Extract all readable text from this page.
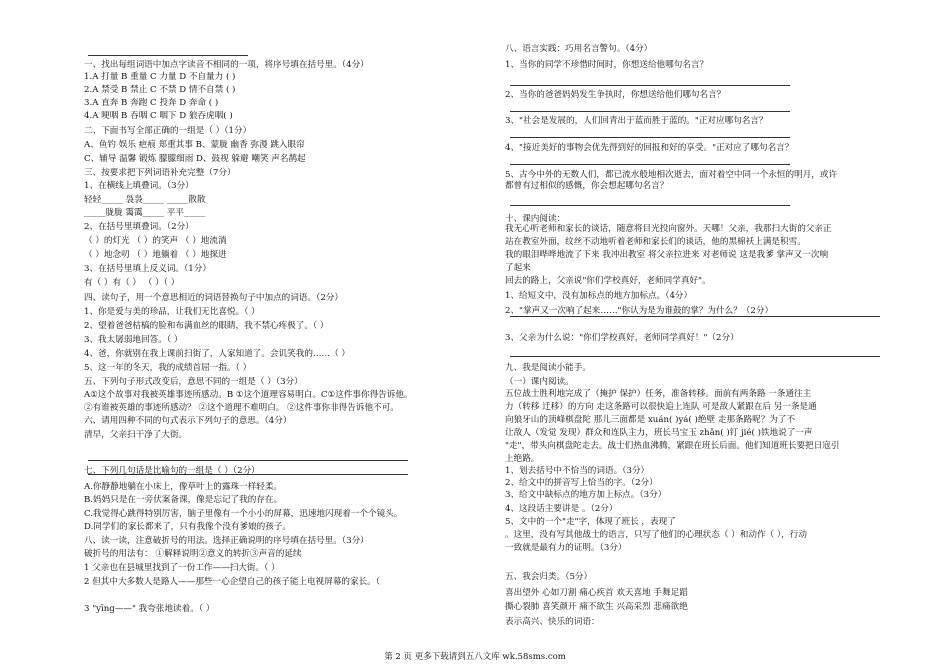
一、找出每组词语中加点字读音不相同的一项，将序号填在括号里。（4分）
1.A 打量 B 重量 C 力量 D 不自量力 ( )
2.A 禁受 B 禁止 C 不禁 D 情不自禁 ( )
3.A 直奔 B 奔跑 C 投奔 D 奔命 ( )
4.A 哽咽 B 吞咽 C 咽下 D 狼吞虎咽( )
二、下面书写全部正确的一组是（ ）（1分）
A、鱼钓 娱乐 疤痕 郑重其事 B、蒙胧 幽香 弥漫 跳入眼帘
C、辅导 温馨 锻炼 朦朦细雨 D、鼓视 躲避 嘲笑 声名鹊起
三、按要求把下列词语补充完整（7分）
1、在横线上填叠词。（3分）
轻轻_____ 袅袅_____ _____散散
_____胧胧 霭霭_____ 平平_____
2、在括号里填叠词。（2分）
（ ）的灯光 （ ）的笑声 （ ）地流淌
（ ）地念叨 （ ）地躺着 （ ）地探进
3、在括号里填上反义词。（1分）
有（ ）有（ ） （ ）（ ）
四、读句子，用一个意思相近的词语替换句子中加点的词语。（2分）
1、你是爱与美的珍品，让我们无比喜悦。（ ）
2、望着爸爸枯槁的脸和布满血丝的眼睛，我不禁心疼极了。（ ）
3、我太孱弱地回答。（ ）
4、爸，你就别在我上课前扫街了，人家知道了。会讥笑我的……（ ）
5、这一年的冬天，我的成绩首屈一指。（ ）
五、下列句子形式改变后，意思不同的一组是（ ）（3分）
A①这个故事对我被英雄事迹所感动。B ①这个道理容易明白。C①这件事你得告诉他。
②有谁被英雄的事迹所感动？ ②这个道理不难明白。 ②这件事你非得告诉他不可。
六、请用四种不同的句式表示下列句子的意思。（4分）
清早，父亲扫干净了大街。
七、下列几句话是比喻句的一组是（ ）（2分）
A.你静静地躺在小床上，像草叶上的露珠一样轻柔。
B.妈妈只是在一旁伏案备课，像是忘记了我的存在。
C.我觉得心跳得特别厉害，脑子里像有一个小小的屏幕，迅速地闪现着一个个镜头。
D.同学们的家长都来了，只有我像个没有爹娘的孩子。
八、读一读，注意破折号的用法。选择正确说明的序号填在括号里。（3分）
破折号的用法有： ①解释说明②意义的转折③声音的延续
1 父亲也在县城里找到了一份工作——扫大街。（ ）
2 但其中大多数人是路人——那些一心企望自己的孩子能上电视屏幕的家长。（
3 "yīng——" 我夸张地读着。（ ）
八、语言实践：巧用名言警句。（4分）
1、当你的同学不珍惜时间时，你想送给他哪句名言？
2、当你的爸爸妈妈发生争执时，你想送给他们哪句名言？
3、"社会是发展的，人们回青出于蓝而胜于蓝的。"正对应哪句名言？
4、"接近美好的事物会优先得到好的回报和好的享受。"正对应了哪句名言？
5、古今中外的无数人们，都已流水般地相次逝去，面对着空中同一个永恒的明月，或许
都曾有过相似的感慨，你会想起哪句名言？
十、课内阅读：
我无心听老师和家长的谈话，随意将目光投向窗外。天哪！父亲，我那扫大街的父亲正
站在教室外面，纹丝不动地听着老师和家长们的谈话，他的黑棉袄上满是积雪。
我的眼泪哗哗地流了下来 我冲出教室 将父亲拉进来 对老师说 这是我爹 掌声又一次响
了起来
回去的路上，父亲说"你们学校真好，老师同学真好"。
1、给短文中，没有加标点的地方加标点。（4分）
2、"掌声又一次响了起来……"你认为是为谁鼓的掌？为什么？（2分）
3、父亲为什么说："你们学校真好，老师同学真好！"（2分）
九、我是阅读小能手。
（一）课内阅读。
五位战士胜利地完成了（掩护 保护）任务，准备转移。面前有两条路 一条通往主
力（转移 迁移）的方向 走这条路可以很快追上连队 可是敌人紧跟在后 另一条是通
向狼牙山的顶峰棋盘陀 那儿三面都是 xuán( )yá( )绝壁 走那条路呢？为了不
让敌人（发觉 发现）群众和连队主力，班长马宝玉 zhǎn( )钉 jié( )铁地说了一声
"走"，带头向棋盘陀走去。战士们热血沸腾，紧跟在班长后面。他们知道班长要把日寇引
上绝路。
1、划去括号中不恰当的词语。（3分）
2、给文中的拼音写上恰当的字。（2分）
3、给文中缺标点的地方加上标点。（3分）
4、这段话主要讲是 。（2分）
5、文中的一个"走"字，体现了班长 ，表现了
。这里，没有写其他战士的语言，只写了他们的心理状态（ ）和动作（ ），行动
一致就是最有力的证明。（3分）
五、我会归类。（5分）
喜出望外 心如刀割 痛心疾首 欢天喜地 手舞足蹈
撕心裂肺 喜笑颜开 痛不欲生 兴高采烈 悲痛欲绝
表示高兴、快乐的词语：
第 2 页 更多下载请到五八文库 wk.58sms.com
